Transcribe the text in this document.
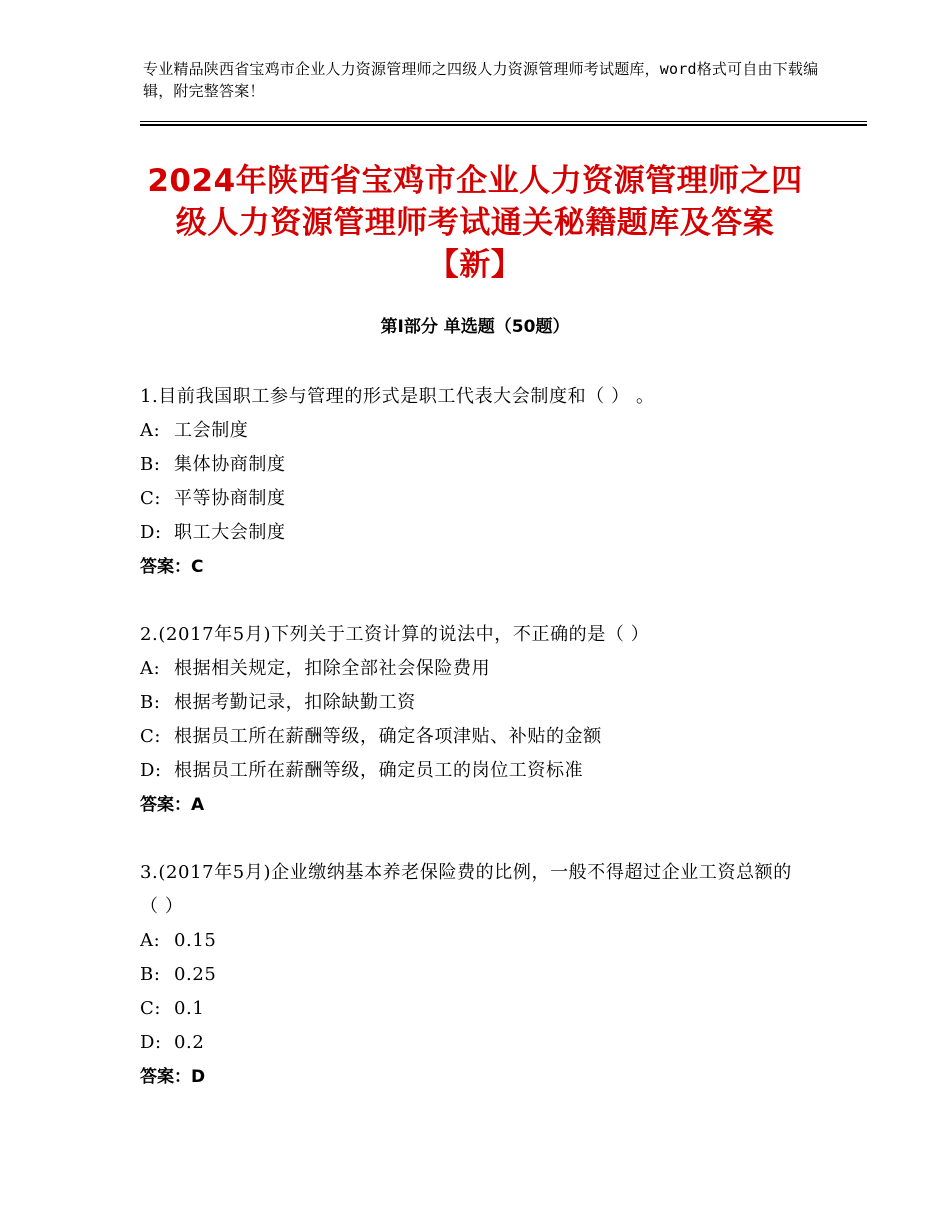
专业精品陕西省宝鸡市企业人力资源管理师之四级人力资源管理师考试题库，word格式可自由下载编辑，附完整答案！
2024年陕西省宝鸡市企业人力资源管理师之四级人力资源管理师考试通关秘籍题库及答案【新】
第Ⅰ部分 单选题（50题）
1.目前我国职工参与管理的形式是职工代表大会制度和（ ） 。
A: 工会制度
B: 集体协商制度
C: 平等协商制度
D: 职工大会制度
答案：C
2.(2017年5月)下列关于工资计算的说法中，不正确的是（ ）
A: 根据相关规定，扣除全部社会保险费用
B: 根据考勤记录，扣除缺勤工资
C: 根据员工所在薪酬等级，确定各项津贴、补贴的金额
D: 根据员工所在薪酬等级，确定员工的岗位工资标准
答案：A
3.(2017年5月)企业缴纳基本养老保险费的比例，一般不得超过企业工资总额的（ ）
A: 0.15
B: 0.25
C: 0.1
D: 0.2
答案：D
